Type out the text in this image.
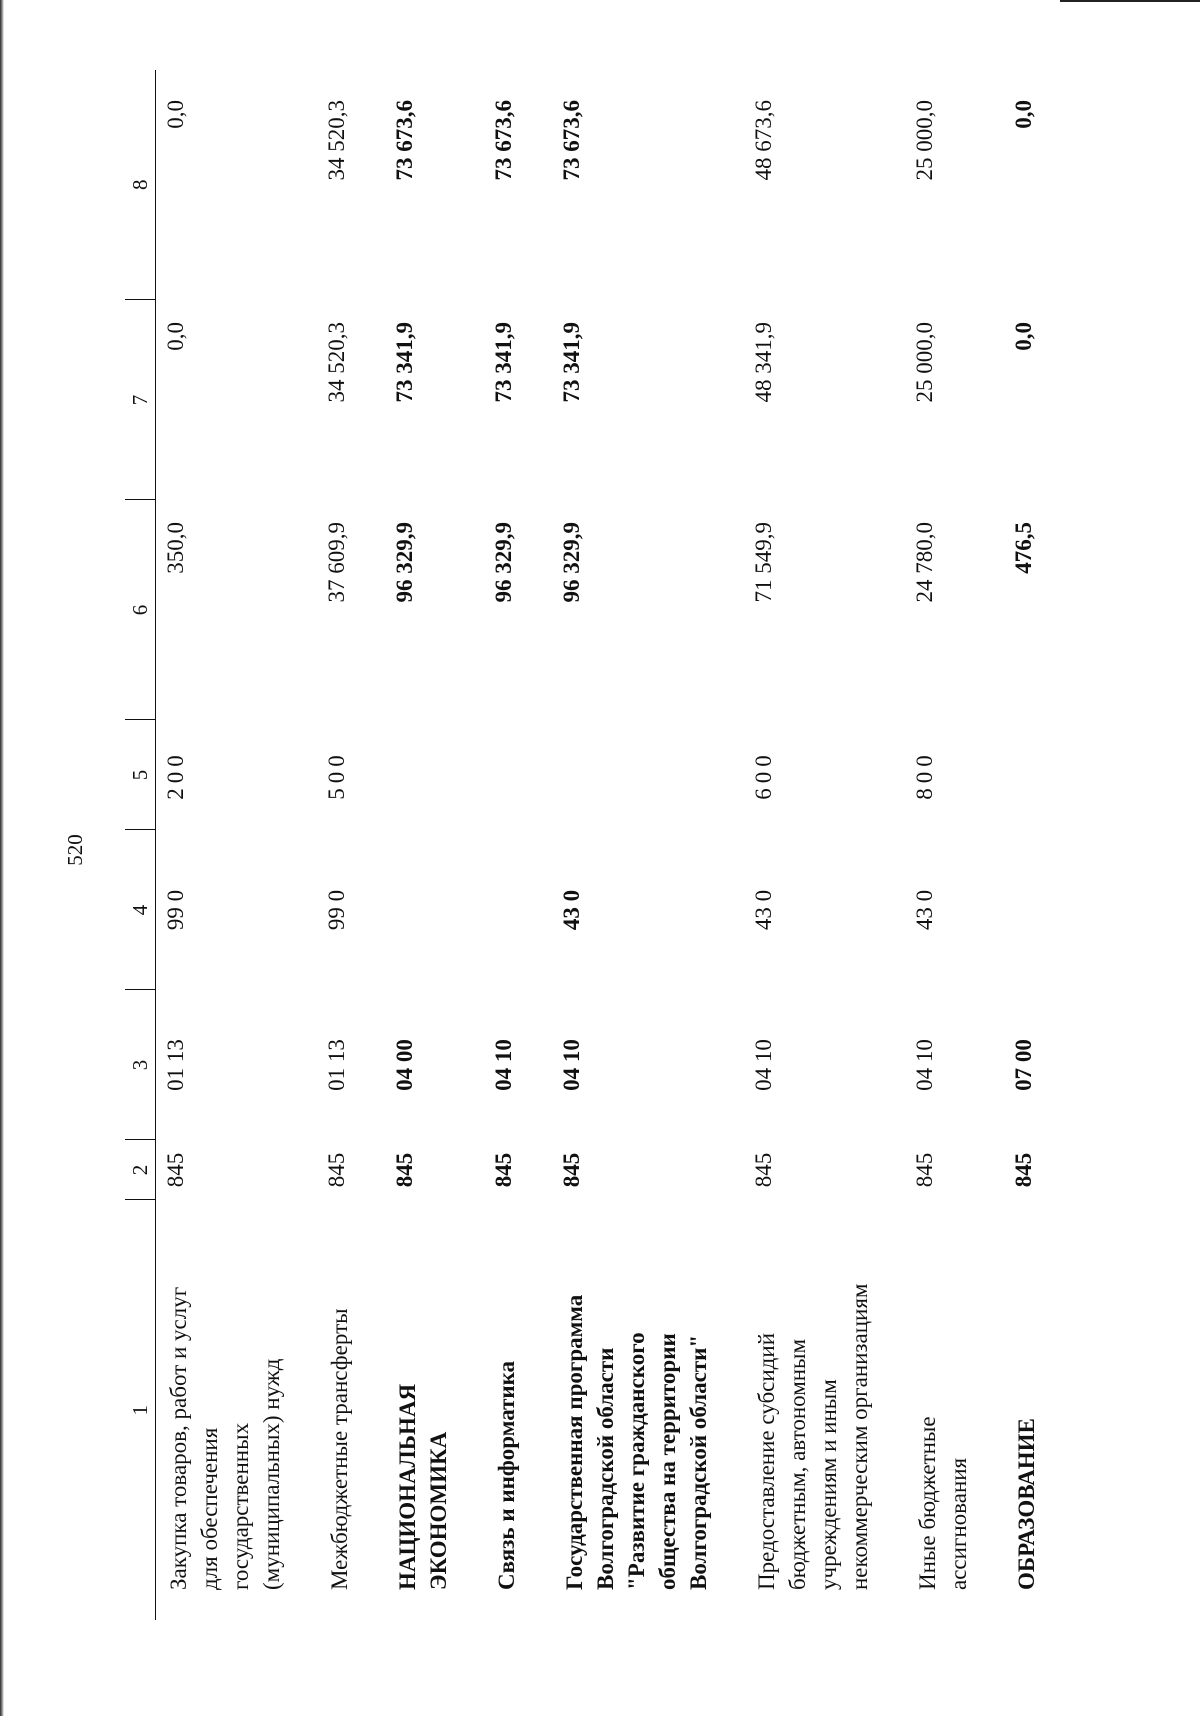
520
1	2	3	4	5	6	7	8

Закупка товаров, работ и услуг для обеспечения государственных (муниципальных) нужд	845	01 13	99 0	200	350,0	0,0	0,0

Межбюджетные трансферты	845	01 13	99 0	500	37 609,9	34 520,3	34 520,3

НАЦИОНАЛЬНАЯ ЭКОНОМИКА	845	04 00			96 329,9	73 341,9	73 673,6

Связь и информатика	845	04 10			96 329,9	73 341,9	73 673,6

Государственная программа Волгоградской области "Развитие гражданского общества на территории Волгоградской области"	845	04 10	43 0		96 329,9	73 341,9	73 673,6

Предоставление субсидий бюджетным, автономным учреждениям и иным некоммерческим организациям	845	04 10	43 0	600	71 549,9	48 341,9	48 673,6

Иные бюджетные ассигнования	845	04 10	43 0	800	24 780,0	25 000,0	25 000,0

ОБРАЗОВАНИЕ	845	07 00			476,5	0,0	0,0
